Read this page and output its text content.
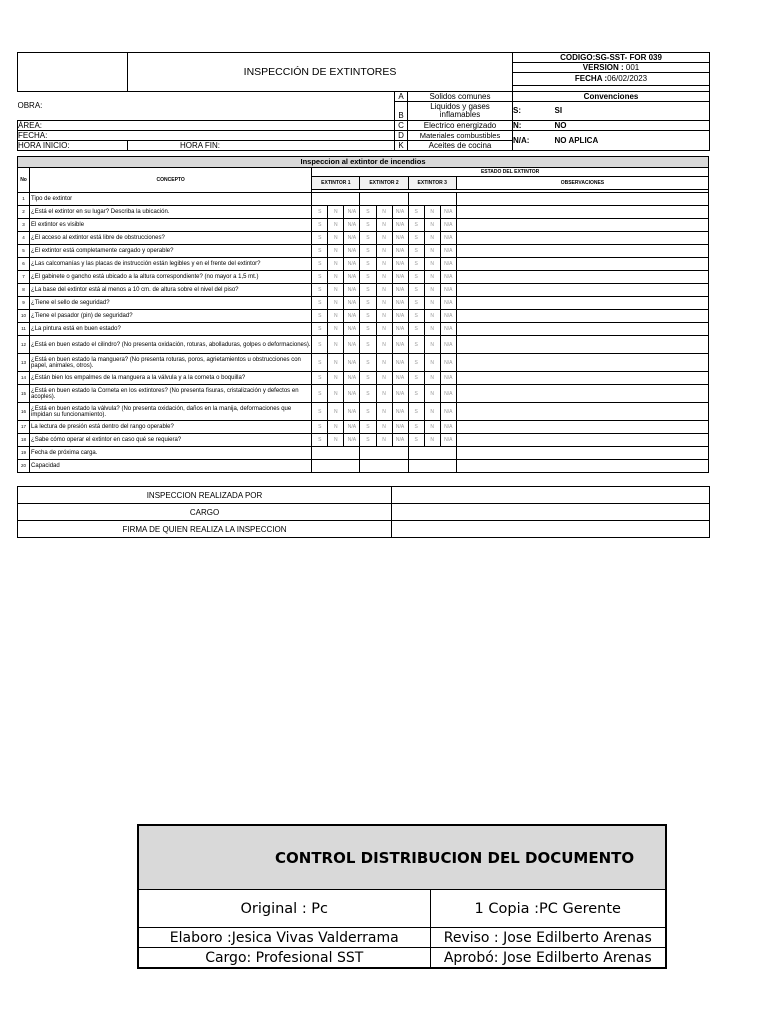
	INSPECCIÓN DE EXTINTORES			CODIGO:SG-SST- FOR 039	
				VERSION : 001	
				FECHA :06/02/2023	

OBRA:		A	Solidos comunes	Convenciones	
		B	Liquidos y gases inflamables	S:	SI
ÁREA:		C	Electrico energizado	N:	NO
FECHA:		D	Materiales combustibles	N/A:	NO APLICA
HORA INICIO:	HORA FIN:	K	Aceites de cocina		
Inspeccion al extintor de incendios											
No	CONCEPTO	ESTADO DEL EXTINTOR									
		EXTINTOR 1			EXTINTOR 2			EXTINTOR 3			OBSERVACIONES

1	Tipo de extintor										
2	¿Está el extintor en su lugar? Describa la ubicación.	S	N	N/A	S	N	N/A	S	N	N/A	
3	El extintor es visible	S	N	N/A	S	N	N/A	S	N	N/A	
4	¿El acceso al extintor está libre de obstrucciones?	S	N	N/A	S	N	N/A	S	N	N/A	
5	¿El extintor está completamente cargado y operable?	S	N	N/A	S	N	N/A	S	N	N/A	
6	¿Las calcomanías y las placas de instrucción están legibles y en el frente del extintor?	S	N	N/A	S	N	N/A	S	N	N/A	
7	¿El gabinete o gancho está ubicado a la altura correspondiente? (no mayor a 1,5 mt.)	S	N	N/A	S	N	N/A	S	N	N/A	
8	¿La base del extintor está al menos a 10 cm. de altura sobre el nivel del piso?	S	N	N/A	S	N	N/A	S	N	N/A	
9	¿Tiene el sello de seguridad?	S	N	N/A	S	N	N/A	S	N	N/A	
10	¿Tiene el pasador (pin) de seguridad?	S	N	N/A	S	N	N/A	S	N	N/A	
11	¿La pintura está en buen estado?	S	N	N/A	S	N	N/A	S	N	N/A	
12	¿Está en buen estado el cilindro? (No presenta oxidación, roturas, abolladuras, golpes o deformaciones).	S	N	N/A	S	N	N/A	S	N	N/A	
13	¿Está en buen estado la manguera? (No presenta roturas, poros, agrietamientos u obstrucciones con papel, animales, otros).	S	N	N/A	S	N	N/A	S	N	N/A	
14	¿Están bien los empalmes de la manguera a la válvula y a la corneta o boquilla?	S	N	N/A	S	N	N/A	S	N	N/A	
15	¿Está en buen estado la Corneta en los extintores? (No presenta fisuras, cristalización y defectos en acoples).	S	N	N/A	S	N	N/A	S	N	N/A	
16	¿Está en buen estado la válvula? (No presenta oxidación, daños en la manija, deformaciones que impidan su funcionamiento).	S	N	N/A	S	N	N/A	S	N	N/A	
17	La lectura de presión está dentro del rango operable?	S	N	N/A	S	N	N/A	S	N	N/A	
18	¿Sabe cómo operar el extintor en caso qué se requiera?	S	N	N/A	S	N	N/A	S	N	N/A	
19	Fecha de próxima carga.										
20	Capacidad										
INSPECCION REALIZADA POR	
CARGO	
FIRMA DE QUIEN REALIZA LA INSPECCION	
CONTROL DISTRIBUCION DEL DOCUMENTO	
Original : Pc	1 Copia :PC Gerente
Elaboro :Jesica Vivas Valderrama	Reviso : Jose Edilberto Arenas
Cargo: Profesional SST	Aprobó: Jose Edilberto Arenas
